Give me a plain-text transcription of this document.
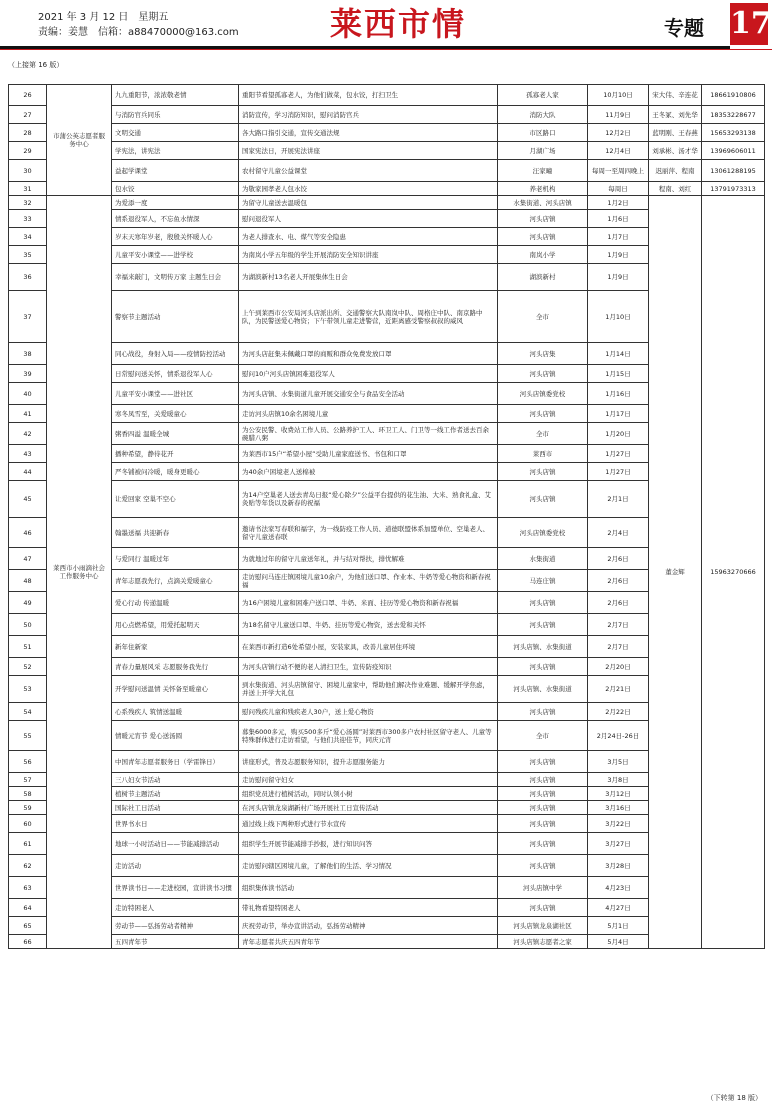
2021 年 3 月 12 日　星期五
责编：姜慧　信箱：a88470000@163.com	莱西市情	专题 17
（上接第 16 版）
26	市蒲公英志愿者服务中心	九九重阳节，浓浓敬老情	重阳节看望孤寡老人，为他们做菜，包水饺，打扫卫生	孤寡老人家	10月10日	宋大伟、辛连花	18661910806
27		与消防官兵同乐	消防宣传，学习消防知识，慰问消防官兵	消防大队	11月9日	王冬冢、刘先华	18353228677
28		文明交通	各大路口指引交通，宣传交通法规	市区路口	12月2日	蓝明刚、王春燕	15653293138
29		学宪法，讲宪法	国家宪法日，开展宪法讲座	月湖广场	12月4日	刘承彬、汤才华	13969606011
30		益起学课堂	农村留守儿童公益课堂	汪家疃	每周一至周四晚上	迟丽萍、程南	13061288195
31		包水饺	为敬家园孝老人包水饺	养老机构	每周日	程南、刘红	13791973313
32	莱西市小雨滴社会工作服务中心	为爱添一度	为留守儿童送去温暖包	水集街道、河头店镇	1月2日	董金辉	15963270666
33		情系退役军人，不忘鱼水情深	慰问退役军人	河头店镇	1月6日		
34		岁末天寒年岁老，殷殷关怀暖人心	为老人排查水、电、煤气等安全隐患	河头店镇	1月7日		
35		儿童平安小课堂——进学校	为南岚小学五年级的学生开展消防安全知识讲座	南岚小学	1月9日		
36		幸福来敲门，文明传万家 主题生日会	为湖滨新村13名老人开展集体生日会	湖滨新村	1月9日		
37		警察节主题活动	上午到莱西市公安局河头店派出所、交通警察大队南岚中队、周格庄中队、南京路中队，为民警送爱心物资；下午带领儿童走进警营，近距离感受警察叔叔的威风	全市	1月10日		
38		同心战役，身射入局——疫情防控活动	为河头店赶集未佩戴口罩的商贩和群众免费发放口罩	河头店集	1月14日		
39		日常慰问送关怀，情系退役军人心	慰问10户河头店镇困难退役军人	河头店镇	1月15日		
40		儿童平安小课堂——进社区	为河头店镇、水集街道儿童开展交通安全与食品安全活动	河头店镇委党校	1月16日		
41		寒冬凤雪至，关爱暖童心	走访河头店镇10余名困境儿童	河头店镇	1月17日		
42		粥香四溢 温暖全城	为公安民警、收费站工作人员、公路养护工人、环卫工人、门卫等一线工作者送去百余碗腊八粥	全市	1月20日		
43		播种希望，静待花开	为莱西市15户“希望小屋”受助儿童家庭送书、书包和口罩	莱西市	1月27日		
44		严冬铺被问冷暖，暖身更暖心	为40余户困境老人送棉被	河头店镇	1月27日		
45		让爱回家 空巢不空心	为14户空巢老人送去青岛日报“爱心除夕”公益平台提供的花生油、大米、熟食礼盒、艾灸贴等年货以及新春的祝福	河头店镇	2月1日		
46		翰墨送福 共迎新春	邀请书法家写春联和福字，为一线防疫工作人员、道德联盟体系加盟单位、空巢老人、留守儿童送春联	河头店镇委党校	2月4日		
47		与爱同行 温暖过年	为就地过年的留守儿童送年礼，并与结对帮扶，排忧解难	水集街道	2月6日		
48		青年志愿我先行，点滴关爱暖童心	走访慰问马连庄镇困境儿童10余户，为他们送口罩、作业本、牛奶等爱心物资和新春祝福	马连庄镇	2月6日		
49		爱心行动 传递温暖	为16户困境儿童和困难户送口罩、牛奶、米面、挂历等爱心物资和新春祝福	河头店镇	2月6日		
50		用心点燃希望，用爱托起明天	为18名留守儿童送口罩、牛奶、挂历等爱心物资，送去爱和关怀	河头店镇	2月7日		
51		新年住新家	在莱西市新打造6处希望小屋，安装家具，改善儿童居住环境	河头店镇、水集街道	2月7日		
52		青春力量展风采 志愿服务我先行	为河头店镇行动不便的老人清扫卫生，宣传防疫知识	河头店镇	2月20日		
53		开学慰问送温情 关怀备至暖童心	到水集街道、河头店镇留守、困境儿童家中，帮助他们解决作业难题、缓解开学焦虑，并送上开学大礼包	河头店镇、水集街道	2月21日		
54		心系残疾人 筑情送温暖	慰问残疾儿童和残疾老人30户，送上爱心物资	河头店镇	2月22日		
55		情暖元宵节 爱心送汤圆	募集6000多元，购买500多斤“爱心汤圆”对莱西市300多户农村社区留守老人、儿童等特殊群体进行走访看望，与他们共迎佳节，同庆元宵	全市	2月24日-26日		
56		中国青年志愿者服务日（学雷锋日）	讲座形式，普及志愿服务知识，提升志愿服务能力	河头店镇	3月5日		
57		三八妇女节活动	走访慰问留守妇女	河头店镇	3月8日		
58		植树节主题活动	组织党员进行植树活动，同时认领小树	河头店镇	3月12日		
59		国际社工日活动	在河头店镇龙泉湖新村广场开展社工日宣传活动	河头店镇	3月16日		
60		世界书水日	通过线上线下两种形式进行节水宣传	河头店镇	3月22日		
61		地球一小时活动日——节能减排活动	组织学生开展节能减排手抄报，进行知识问答	河头店镇	3月27日		
62		走访活动	走访慰问辖区困境儿童，了解他们的生活、学习情况	河头店镇	3月28日		
63		世界读书日——走进校园，宣讲读书习惯	组织集体读书活动	河头店镇中学	4月23日		
64		走访特困老人	带礼物看望特困老人	河头店镇	4月27日		
65		劳动节——弘扬劳动者精神	庆祝劳动节，举办宣讲活动，弘扬劳动精神	河头店镇龙泉湖社区	5月1日		
66		五四青年节	青年志愿者共庆五四青年节	河头店镇志愿者之家	5月4日		
（下转第 18 版）
